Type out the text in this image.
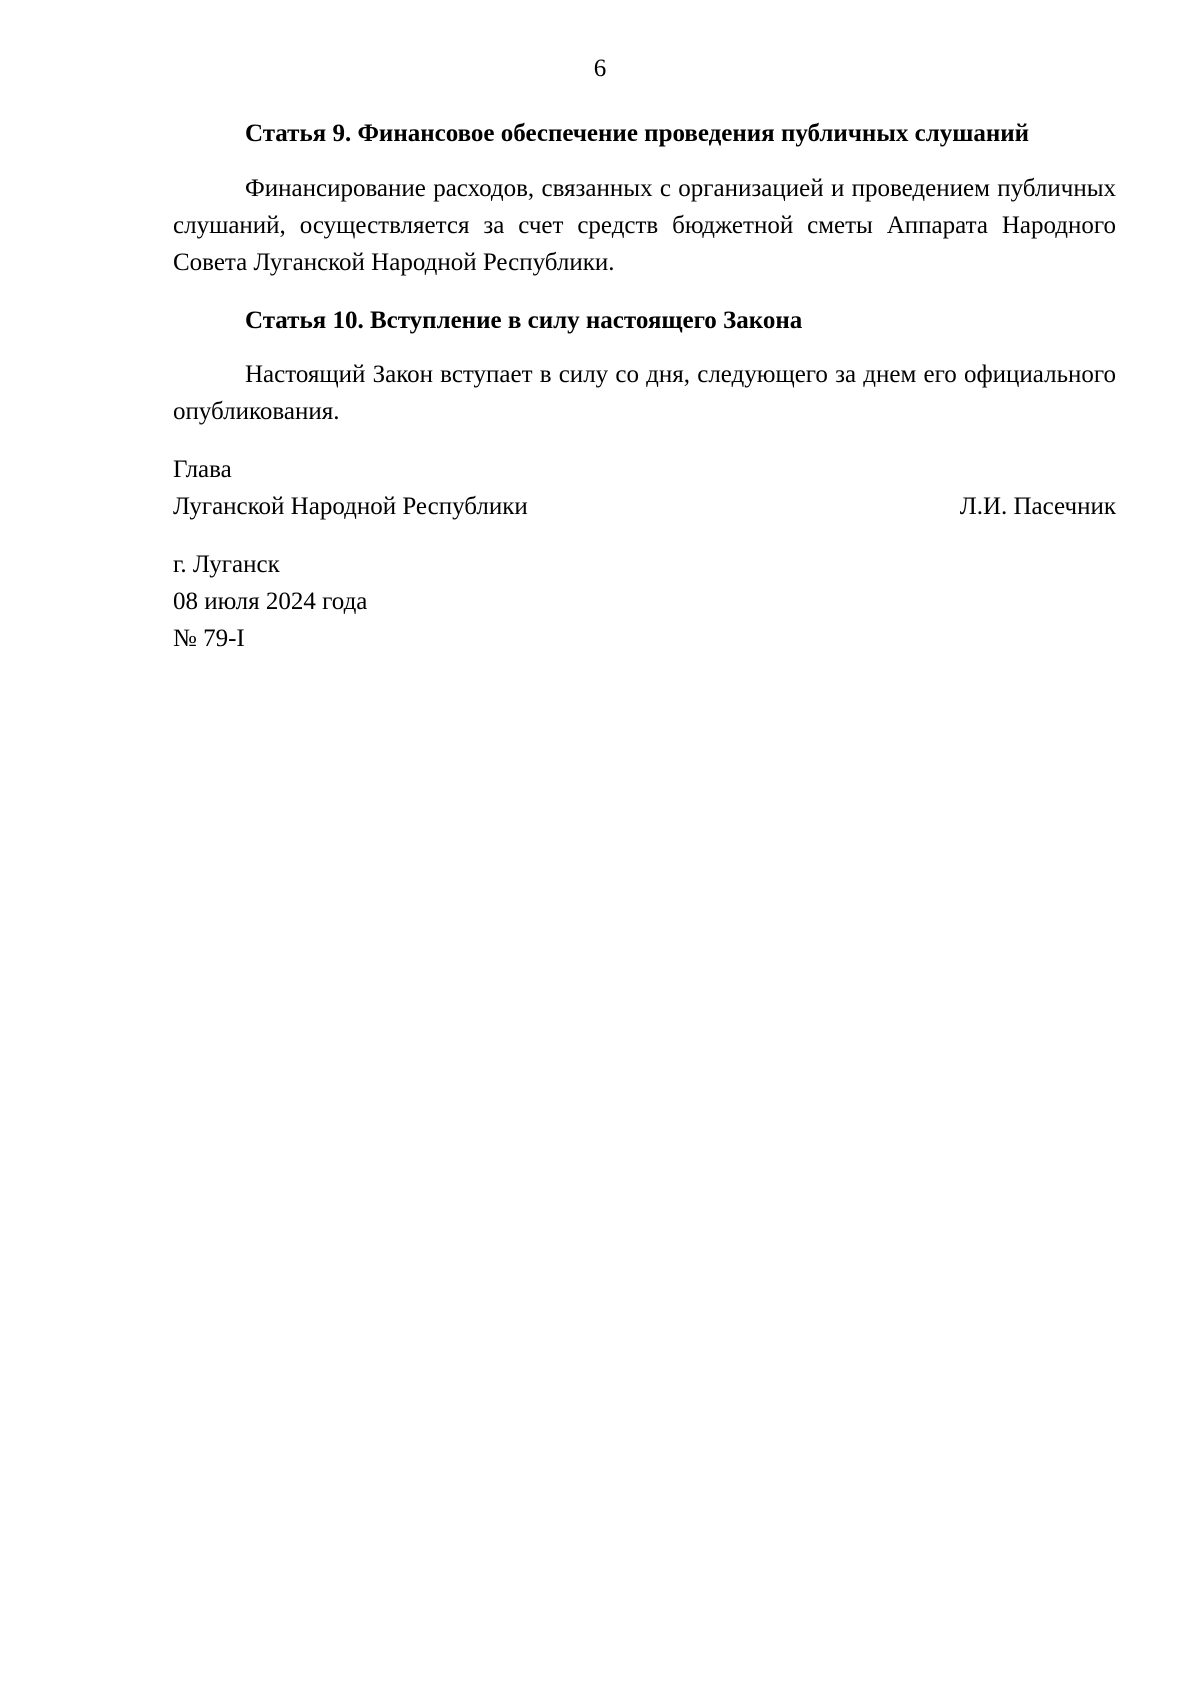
6

Статья 9. Финансовое обеспечение проведения публичных слушаний

Финансирование расходов, связанных с организацией и проведением публичных слушаний, осуществляется за счет средств бюджетной сметы Аппарата Народного Совета Луганской Народной Республики.

Статья 10. Вступление в силу настоящего Закона

Настоящий Закон вступает в силу со дня, следующего за днем его официального опубликования.

Глава
Луганской Народной Республики	Л.И. Пасечник
г. Луганск
08 июля 2024 года
№ 79-I
